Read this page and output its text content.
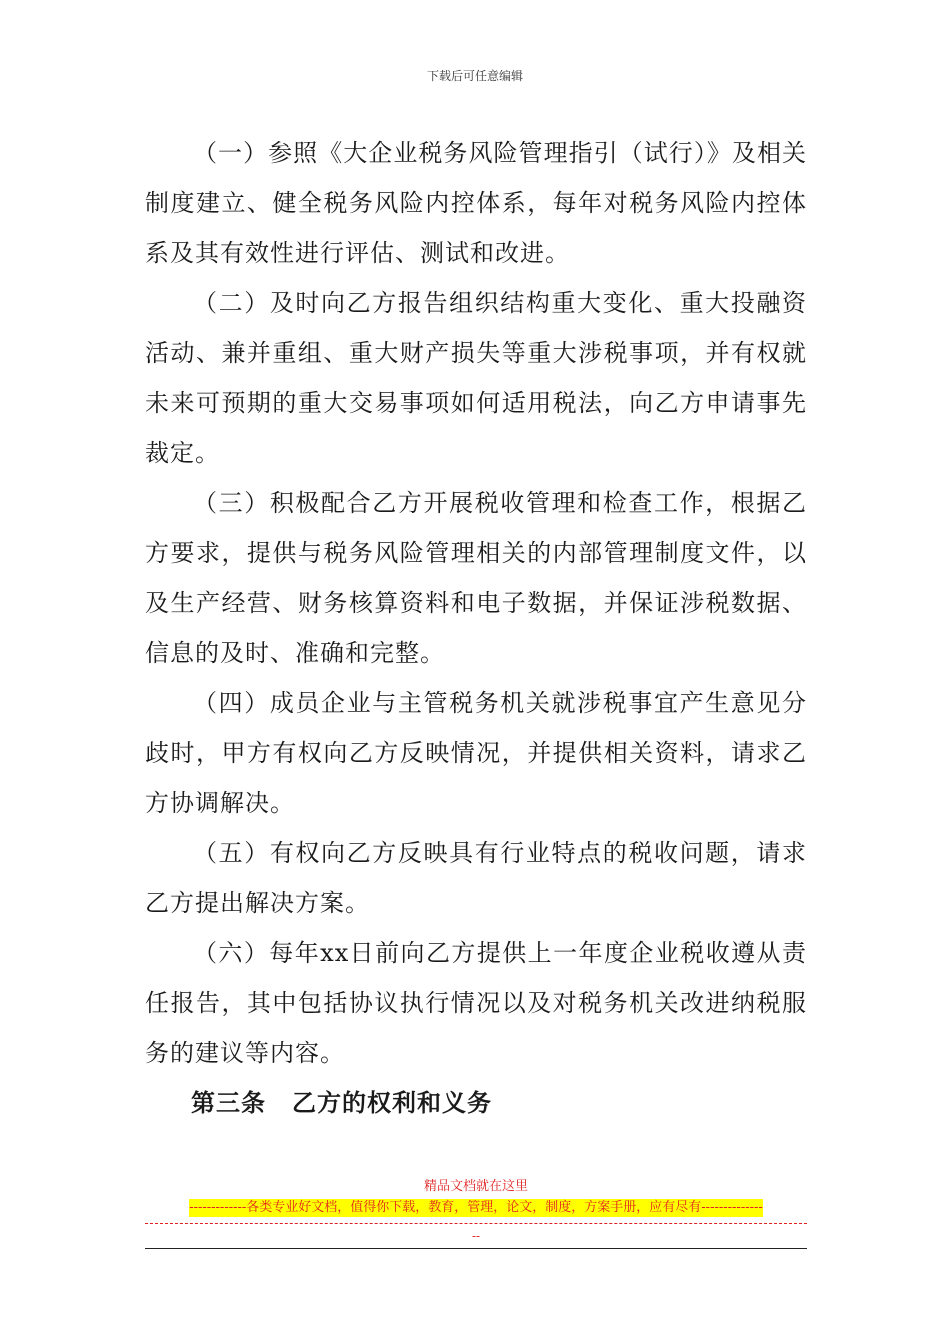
下载后可任意编辑

（一）参照《大企业税务风险管理指引（试行）》及相关制度建立、健全税务风险内控体系，每年对税务风险内控体系及其有效性进行评估、测试和改进。

（二）及时向乙方报告组织结构重大变化、重大投融资活动、兼并重组、重大财产损失等重大涉税事项，并有权就未来可预期的重大交易事项如何适用税法，向乙方申请事先裁定。

（三）积极配合乙方开展税收管理和检查工作，根据乙方要求，提供与税务风险管理相关的内部管理制度文件，以及生产经营、财务核算资料和电子数据，并保证涉税数据、信息的及时、准确和完整。

（四）成员企业与主管税务机关就涉税事宜产生意见分歧时，甲方有权向乙方反映情况，并提供相关资料，请求乙方协调解决。

（五）有权向乙方反映具有行业特点的税收问题，请求乙方提出解决方案。

（六）每年xx日前向乙方提供上一年度企业税收遵从责任报告，其中包括协议执行情况以及对税务机关改进纳税服务的建议等内容。

第三条 乙方的权利和义务

精品文档就在这里
-------------各类专业好文档，值得你下载，教育，管理，论文，制度，方案手册，应有尽有--------------
--
